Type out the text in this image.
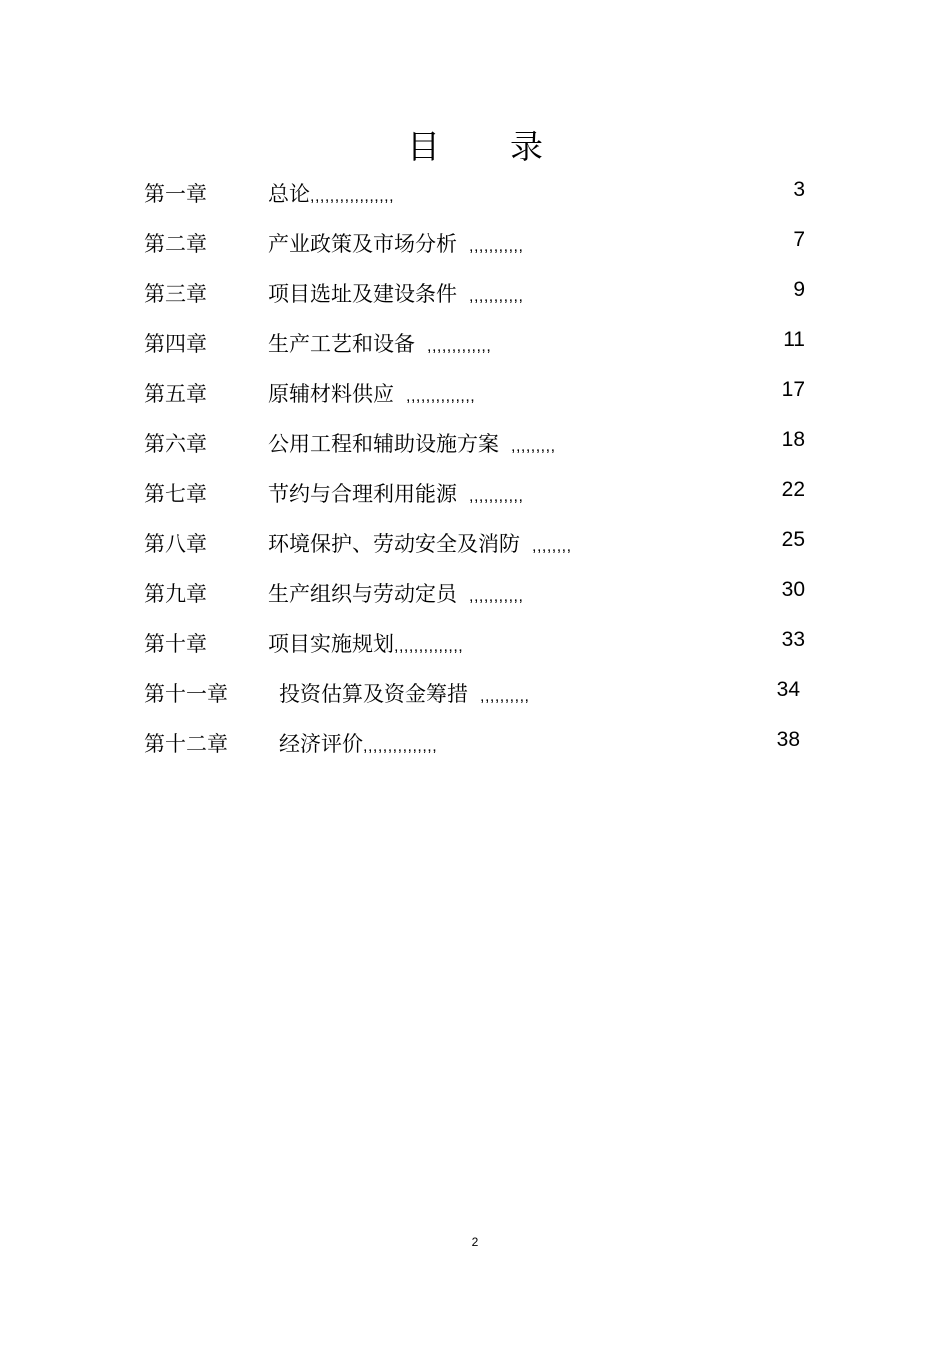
目 录
第一章	总论,,,,,,,,,,,,,,,,,	3
第二章	产业政策及市场分析 ,,,,,,,,,,,	7
第三章	项目选址及建设条件 ,,,,,,,,,,,	9
第四章	生产工艺和设备 ,,,,,,,,,,,,,	11
第五章	原辅材料供应 ,,,,,,,,,,,,,,	17
第六章	公用工程和辅助设施方案 ,,,,,,,,,	18
第七章	节约与合理利用能源 ,,,,,,,,,,,	22
第八章	环境保护、劳动安全及消防 ,,,,,,,,	25
第九章	生产组织与劳动定员 ,,,,,,,,,,,	30
第十章	项目实施规划,,,,,,,,,,,,,,	33
第十一章 投资估算及资金筹措 ,,,,,,,,,,	34
第十二章 经济评价,,,,,,,,,,,,,,,	38
2
